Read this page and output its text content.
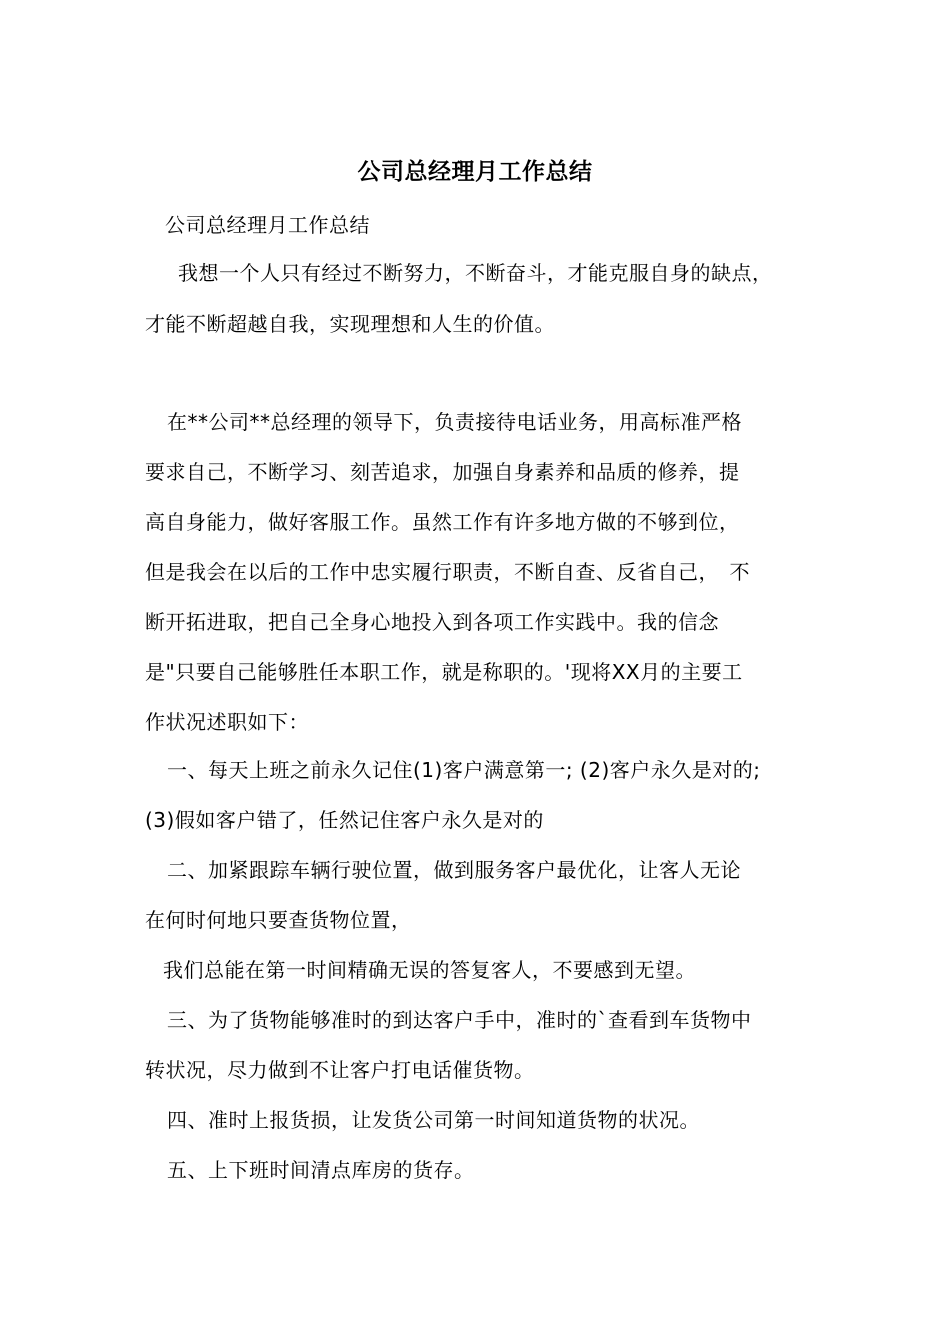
公司总经理月工作总结
公司总经理月工作总结
我想一个人只有经过不断努力，不断奋斗，才能克服自身的缺点，
才能不断超越自我，实现理想和人生的价值。
在**公司**总经理的领导下，负责接待电话业务，用高标准严格
要求自己，不断学习、刻苦追求，加强自身素养和品质的修养，提
高自身能力，做好客服工作。虽然工作有许多地方做的不够到位，
但是我会在以后的工作中忠实履行职责，不断自查、反省自己，　不
断开拓进取，把自己全身心地投入到各项工作实践中。我的信念
是"只要自己能够胜任本职工作，就是称职的。'现将XX月的主要工
作状况述职如下：
一、每天上班之前永久记住(1)客户满意第一; (2)客户永久是对的;
(3)假如客户错了，任然记住客户永久是对的
二、加紧跟踪车辆行驶位置，做到服务客户最优化，让客人无论
在何时何地只要查货物位置，
我们总能在第一时间精确无误的答复客人，不要感到无望。
三、为了货物能够准时的到达客户手中，准时的`查看到车货物中
转状况，尽力做到不让客户打电话催货物。
四、准时上报货损，让发货公司第一时间知道货物的状况。
五、上下班时间清点库房的货存。
